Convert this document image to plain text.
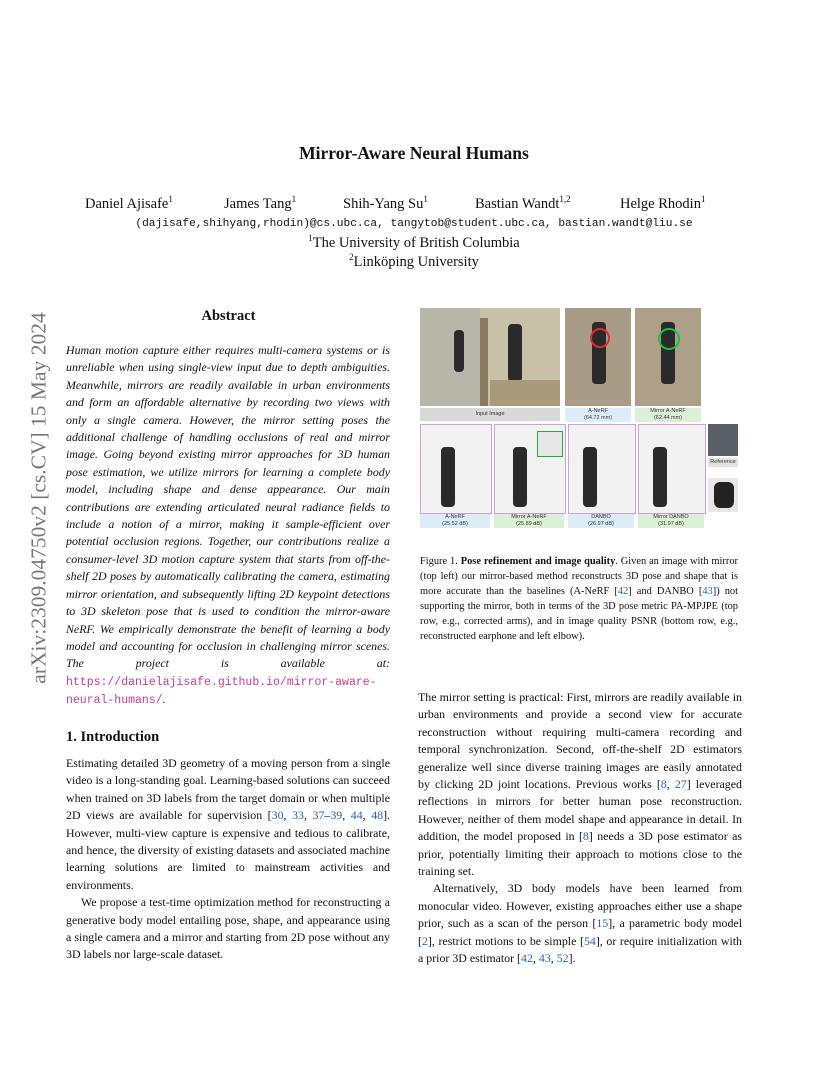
Mirror-Aware Neural Humans
Daniel Ajisafe$^1$	James Tang$^1$	Shih-Yang Su$^1$	Bastian Wandt$^{1,2}$	Helge Rhodin$^1$
(dajisafe,shihyang,rhodin)@cs.ubc.ca, tangytob@student.ubc.ca, bastian.wandt@liu.se
$^1$The University of British Columbia
$^2$Linköping University
arXiv:2309.04750v2 [cs.CV] 15 May 2024	Abstract
Human motion capture either requires multi-camera systems or is unreliable when using single-view input due to depth ambiguities. Meanwhile, mirrors are readily available in urban environments and form an affordable alternative by recording two views with only a single camera. However, the mirror setting poses the additional challenge of handling occlusions of real and mirror image. Going beyond existing mirror approaches for 3D human pose estimation, we utilize mirrors for learning a complete body model, including shape and dense appearance. Our main contributions are extending articulated neural radiance fields to include a notion of a mirror, making it sample-efficient over potential occlusion regions. Together, our contributions realize a consumer-level 3D motion capture system that starts from off-the-shelf 2D poses by automatically calibrating the camera, estimating mirror orientation, and subsequently lifting 2D keypoint detections to 3D skeleton pose that is used to condition the mirror-aware NeRF. We empirically demonstrate the benefit of learning a body model and accounting for occlusion in challenging mirror scenes. The project is available at: https://danielajisafe.github.io/mirror-aware-neural-humans/.
1. Introduction

Estimating detailed 3D geometry of a moving person from a single video is a long-standing goal. Learning-based solutions can succeed when trained on 3D labels from the target domain or when multiple 2D views are available for supervision [30, 33, 37–39, 44, 48]. However, multi-view capture is expensive and tedious to calibrate, and hence, the diversity of existing datasets and associated machine learning solutions are limited to mainstream activities and environments.

We propose a test-time optimization method for reconstructing a generative body model entailing pose, shape, and appearance using a single camera and a mirror and starting from 2D pose without any 3D labels nor large-scale dataset.

Input Image	A-NeRF
(64.72 mm)
Mirror A-NeRF
(62.44 mm)
Reference
A-NeRF
(25.52 dB)
Mirror A-NeRF
(25.89 dB)
DANBO
(26.97 dB)
Mirror DANBO
(31.97 dB)
Figure 1. Pose refinement and image quality. Given an image with mirror (top left) our mirror-based method reconstructs 3D pose and shape that is more accurate than the baselines (A-NeRF [42] and DANBO [43]) not supporting the mirror, both in terms of the 3D pose metric PA-MPJPE (top row, e.g., corrected arms), and in image quality PSNR (bottom row, e.g., reconstructed earphone and left elbow).

The mirror setting is practical: First, mirrors are readily available in urban environments and provide a second view for accurate reconstruction without requiring multi-camera recording and temporal synchronization. Second, off-the-shelf 2D estimators generalize well since diverse training images are easily annotated by clicking 2D joint locations. Previous works [8, 27] leveraged reflections in mirrors for better human pose reconstruction. However, neither of them model shape and appearance in detail. In addition, the model proposed in [8] needs a 3D pose estimator as prior, potentially limiting their approach to motions close to the training set.

Alternatively, 3D body models have been learned from monocular video. However, existing approaches either use a shape prior, such as a scan of the person [15], a parametric body model [2], restrict motions to be simple [54], or require initialization with a prior 3D estimator [42, 43, 52].
